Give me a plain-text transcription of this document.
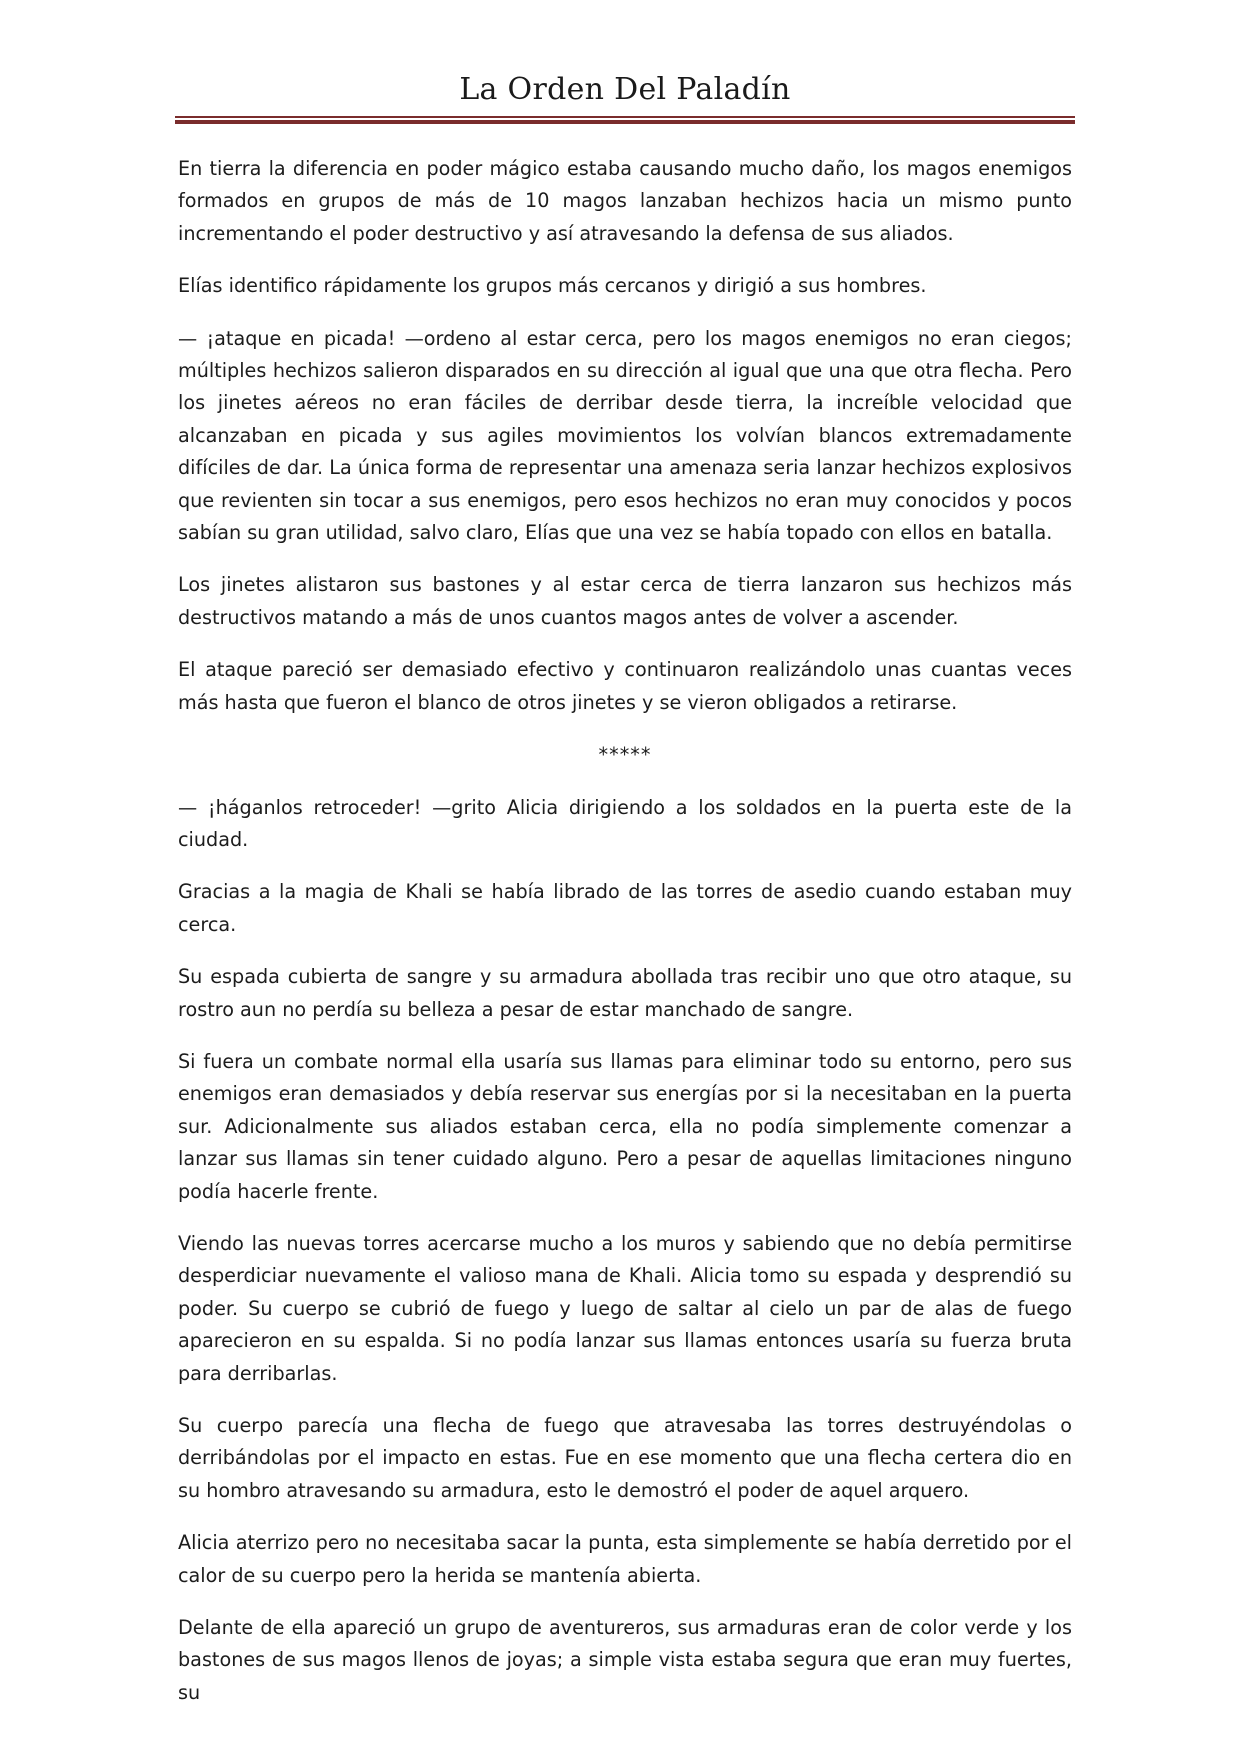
La Orden Del Paladín

En tierra la diferencia en poder mágico estaba causando mucho daño, los magos enemigos formados en grupos de más de 10 magos lanzaban hechizos hacia un mismo punto incrementando el poder destructivo y así atravesando la defensa de sus aliados.

Elías identifico rápidamente los grupos más cercanos y dirigió a sus hombres.

— ¡ataque en picada! —ordeno al estar cerca, pero los magos enemigos no eran ciegos; múltiples hechizos salieron disparados en su dirección al igual que una que otra flecha. Pero los jinetes aéreos no eran fáciles de derribar desde tierra, la increíble velocidad que alcanzaban en picada y sus agiles movimientos los volvían blancos extremadamente difíciles de dar. La única forma de representar una amenaza seria lanzar hechizos explosivos que revienten sin tocar a sus enemigos, pero esos hechizos no eran muy conocidos y pocos sabían su gran utilidad, salvo claro, Elías que una vez se había topado con ellos en batalla.

Los jinetes alistaron sus bastones y al estar cerca de tierra lanzaron sus hechizos más destructivos matando a más de unos cuantos magos antes de volver a ascender.

El ataque pareció ser demasiado efectivo y continuaron realizándolo unas cuantas veces más hasta que fueron el blanco de otros jinetes y se vieron obligados a retirarse.

*****

— ¡háganlos retroceder! —grito Alicia dirigiendo a los soldados en la puerta este de la ciudad.

Gracias a la magia de Khali se había librado de las torres de asedio cuando estaban muy cerca.

Su espada cubierta de sangre y su armadura abollada tras recibir uno que otro ataque, su rostro aun no perdía su belleza a pesar de estar manchado de sangre.

Si fuera un combate normal ella usaría sus llamas para eliminar todo su entorno, pero sus enemigos eran demasiados y debía reservar sus energías por si la necesitaban en la puerta sur. Adicionalmente sus aliados estaban cerca, ella no podía simplemente comenzar a lanzar sus llamas sin tener cuidado alguno. Pero a pesar de aquellas limitaciones ninguno podía hacerle frente.

Viendo las nuevas torres acercarse mucho a los muros y sabiendo que no debía permitirse desperdiciar nuevamente el valioso mana de Khali. Alicia tomo su espada y desprendió su poder. Su cuerpo se cubrió de fuego y luego de saltar al cielo un par de alas de fuego aparecieron en su espalda. Si no podía lanzar sus llamas entonces usaría su fuerza bruta para derribarlas.

Su cuerpo parecía una flecha de fuego que atravesaba las torres destruyéndolas o derribándolas por el impacto en estas. Fue en ese momento que una flecha certera dio en su hombro atravesando su armadura, esto le demostró el poder de aquel arquero.

Alicia aterrizo pero no necesitaba sacar la punta, esta simplemente se había derretido por el calor de su cuerpo pero la herida se mantenía abierta.

Delante de ella apareció un grupo de aventureros, sus armaduras eran de color verde y los bastones de sus magos llenos de joyas; a simple vista estaba segura que eran muy fuertes, su
